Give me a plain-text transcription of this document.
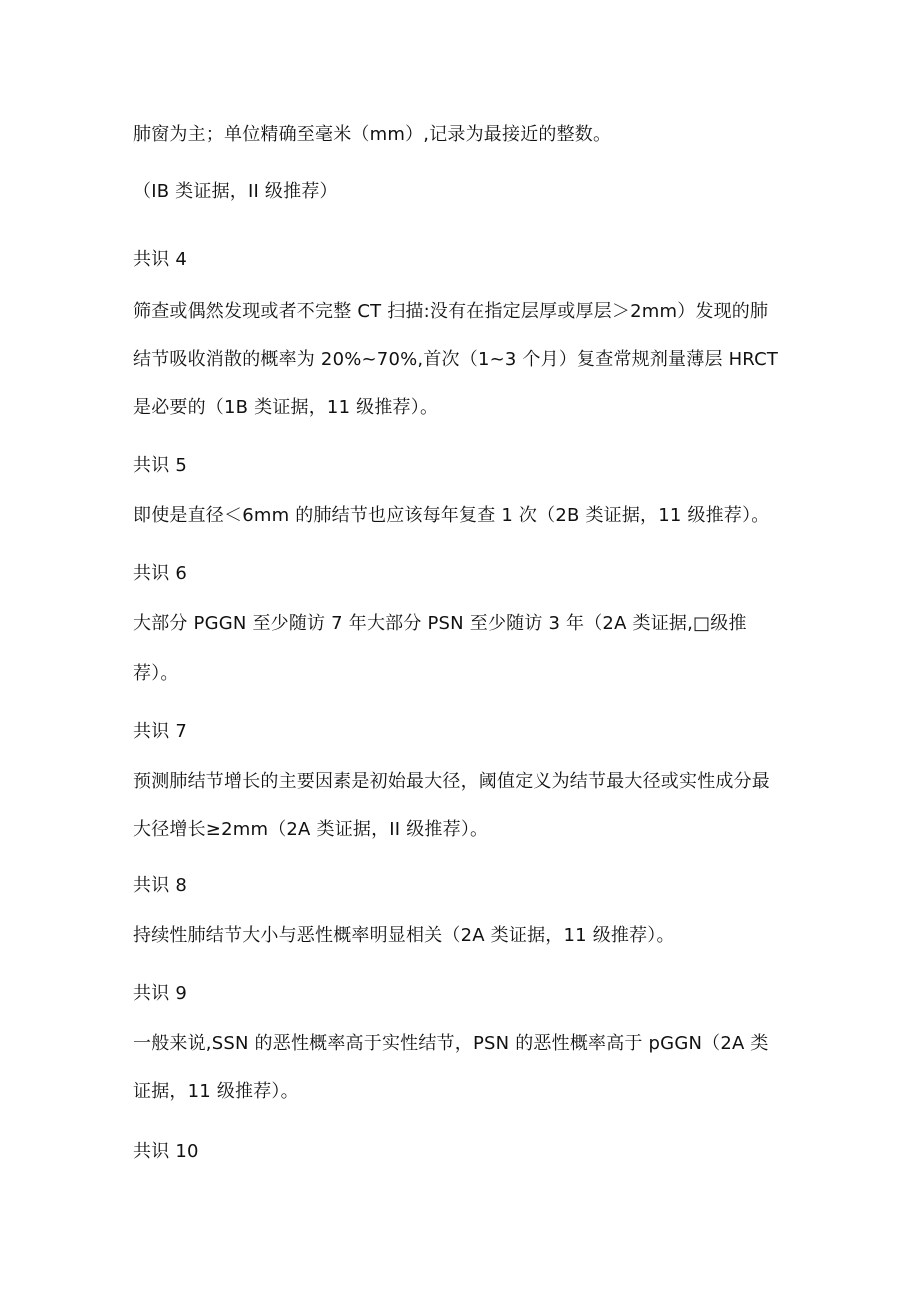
肺窗为主；单位精确至毫米（mm）,记录为最接近的整数。
（IB 类证据，II 级推荐）
共识 4
筛查或偶然发现或者不完整 CT 扫描:没有在指定层厚或厚层＞2mm）发现的肺
结节吸收消散的概率为 20%~70%,首次（1~3 个月）复查常规剂量薄层 HRCT
是必要的（1B 类证据，11 级推荐）。
共识 5
即使是直径＜6mm 的肺结节也应该每年复查 1 次（2B 类证据，11 级推荐）。
共识 6
大部分 PGGN 至少随访 7 年大部分 PSN 至少随访 3 年（2A 类证据,□级推
荐）。
共识 7
预测肺结节增长的主要因素是初始最大径，阈值定义为结节最大径或实性成分最
大径增长≥2mm（2A 类证据，II 级推荐）。
共识 8
持续性肺结节大小与恶性概率明显相关（2A 类证据，11 级推荐）。
共识 9
一般来说,SSN 的恶性概率高于实性结节，PSN 的恶性概率高于 pGGN（2A 类
证据，11 级推荐）。
共识 10
